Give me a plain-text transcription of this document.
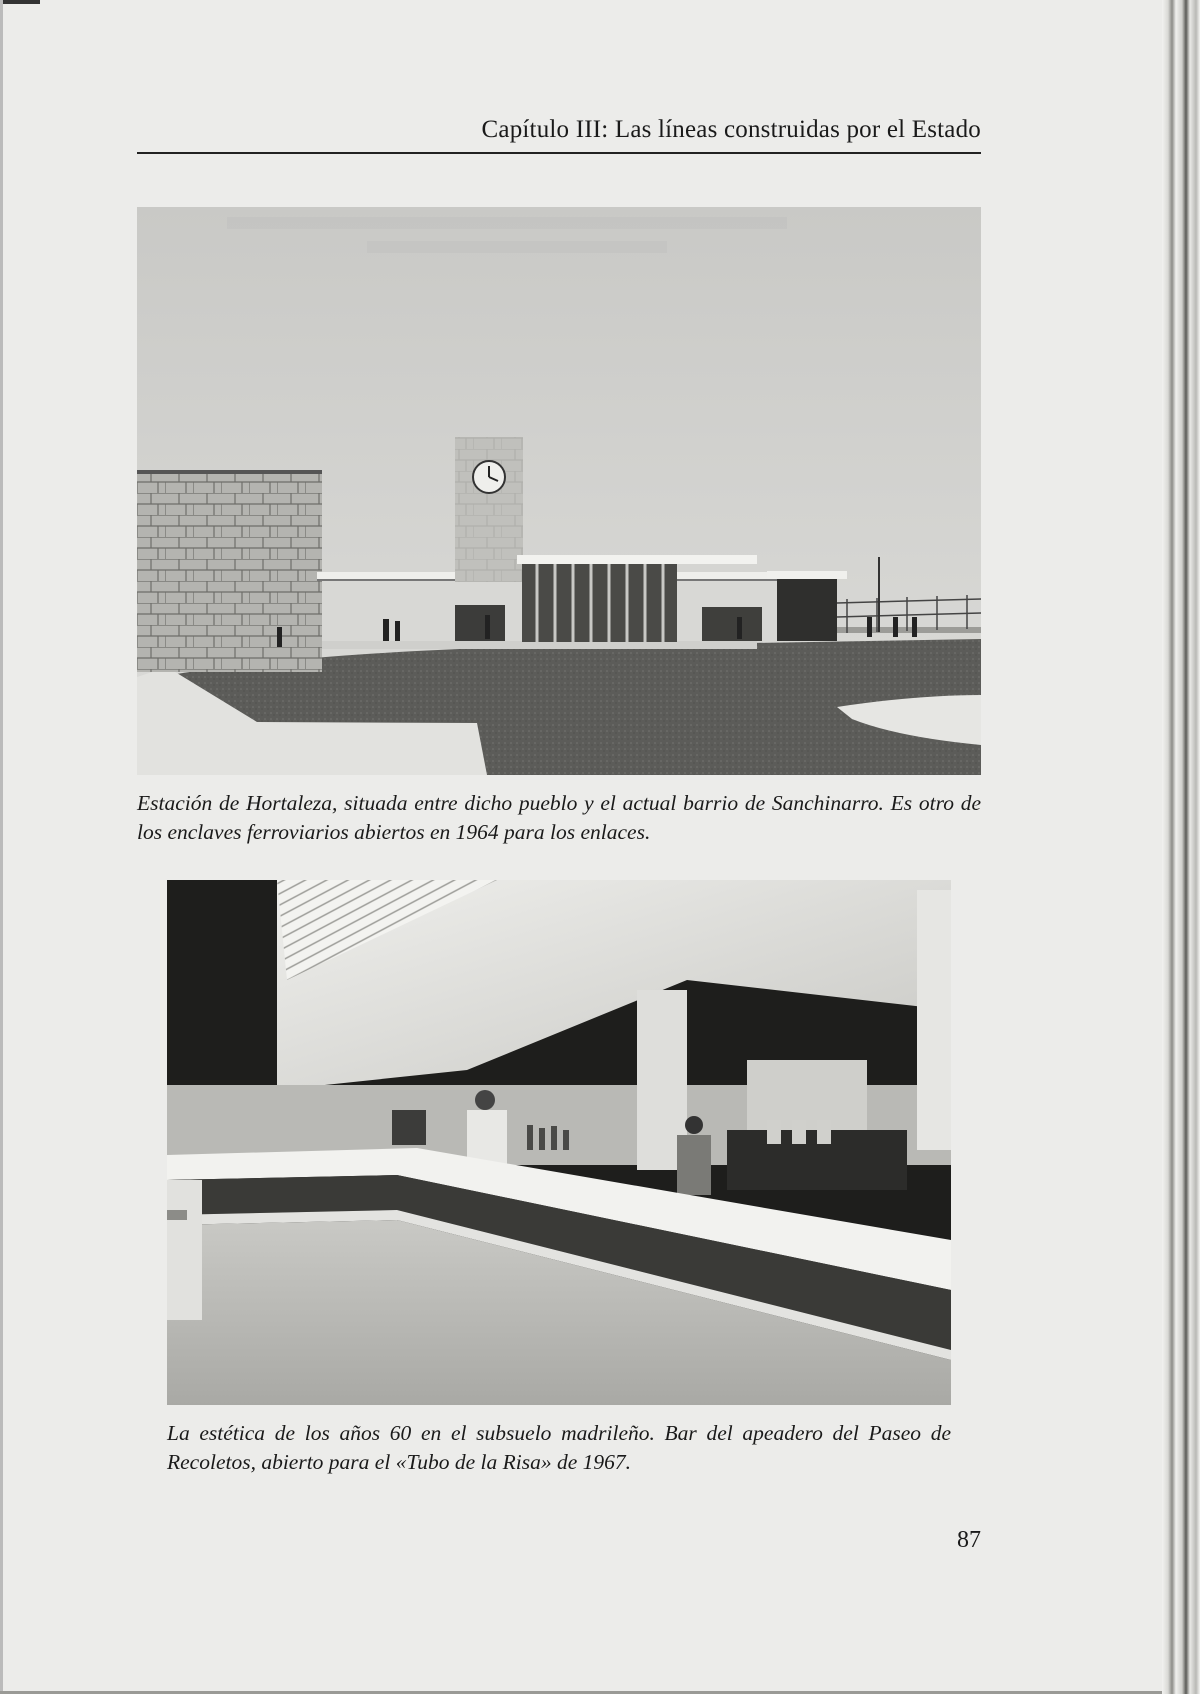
Capítulo III: Las líneas construidas por el Estado

Estación de Hortaleza, situada entre dicho pueblo y el actual barrio de Sanchinarro. Es otro de los enclaves ferroviarios abiertos en 1964 para los enlaces.

La estética de los años 60 en el subsuelo madrileño. Bar del apeadero del Paseo de Recoletos, abierto para el «Tubo de la Risa» de 1967.

87
